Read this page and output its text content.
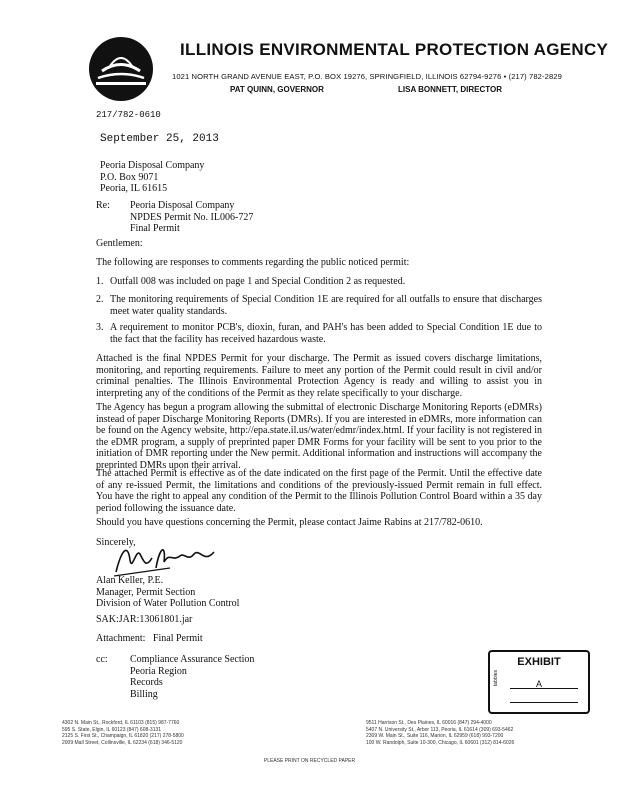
ILLINOIS ENVIRONMENTAL PROTECTION AGENCY
1021 NORTH GRAND AVENUE EAST, P.O. BOX 19276, SPRINGFIELD, ILLINOIS 62794-9276 • (217) 782-2829
PAT QUINN, GOVERNOR	LISA BONNETT, DIRECTOR
217/782-0610
September 25, 2013
Peoria Disposal Company
P.O. Box 9071
Peoria, IL 61615
Re: Peoria Disposal Company
NPDES Permit No. IL006-727
Final Permit
Gentlemen:
The following are responses to comments regarding the public noticed permit:
1. Outfall 008 was included on page 1 and Special Condition 2 as requested.
2. The monitoring requirements of Special Condition 1E are required for all outfalls to ensure that discharges meet water quality standards.
3. A requirement to monitor PCB's, dioxin, furan, and PAH's has been added to Special Condition 1E due to the fact that the facility has received hazardous waste.
Attached is the final NPDES Permit for your discharge. The Permit as issued covers discharge limitations, monitoring, and reporting requirements. Failure to meet any portion of the Permit could result in civil and/or criminal penalties. The Illinois Environmental Protection Agency is ready and willing to assist you in interpreting any of the conditions of the Permit as they relate specifically to your discharge.
The Agency has begun a program allowing the submittal of electronic Discharge Monitoring Reports (eDMRs) instead of paper Discharge Monitoring Reports (DMRs). If you are interested in eDMRs, more information can be found on the Agency website, http://epa.state.il.us/water/edmr/index.html. If your facility is not registered in the eDMR program, a supply of preprinted paper DMR Forms for your facility will be sent to you prior to the initiation of DMR reporting under the New permit. Additional information and instructions will accompany the preprinted DMRs upon their arrival.
The attached Permit is effective as of the date indicated on the first page of the Permit. Until the effective date of any re-issued Permit, the limitations and conditions of the previously-issued Permit remain in full effect. You have the right to appeal any condition of the Permit to the Illinois Pollution Control Board within a 35 day period following the issuance date.
Should you have questions concerning the Permit, please contact Jaime Rabins at 217/782-0610.
Sincerely,
Alan Keller, P.E.
Manager, Permit Section
Division of Water Pollution Control
SAK:JAR:13061801.jar
Attachment:   Final Permit
cc: Compliance Assurance Section
Peoria Region
Records
Billing
EXHIBIT
tabbies	A
4302 N. Main St., Rockford, IL 61103 (815) 987-7760
595 S. State, Elgin, IL 60123 (847) 608-3131
2125 S. First St., Champaign, IL 61820 (217) 278-5800
2009 Mall Street, Collinsville, IL 62234 (618) 346-5120
9511 Harrison St., Des Plaines, IL 60016 (847) 294-4000
5407 N. University St., Arbor 113, Peoria, IL 61614 (309) 693-5462
2309 W. Main St., Suite 116, Marion, IL 62959 (618) 993-7200
100 W. Randolph, Suite 10-300, Chicago, IL 60601 (312) 814-6026
PLEASE PRINT ON RECYCLED PAPER
